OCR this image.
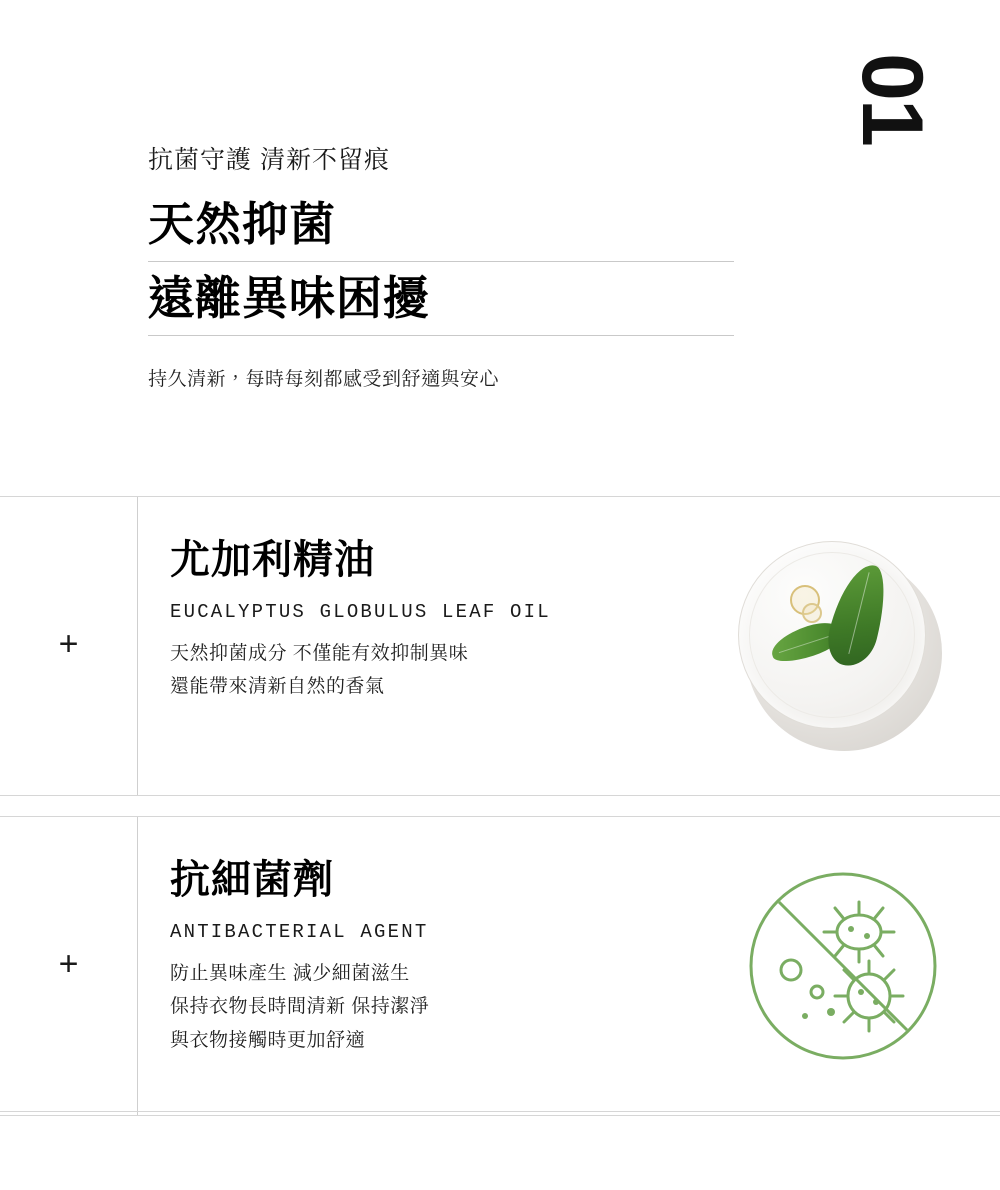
01
抗菌守護 清新不留痕
天然抑菌
遠離異味困擾
持久清新，每時每刻都感受到舒適與安心
+
尤加利精油
EUCALYPTUS GLOBULUS LEAF OIL
天然抑菌成分 不僅能有效抑制異味
還能帶來清新自然的香氣
+
抗細菌劑
ANTIBACTERIAL AGENT
防止異味產生 減少細菌滋生
保持衣物長時間清新 保持潔淨
與衣物接觸時更加舒適
